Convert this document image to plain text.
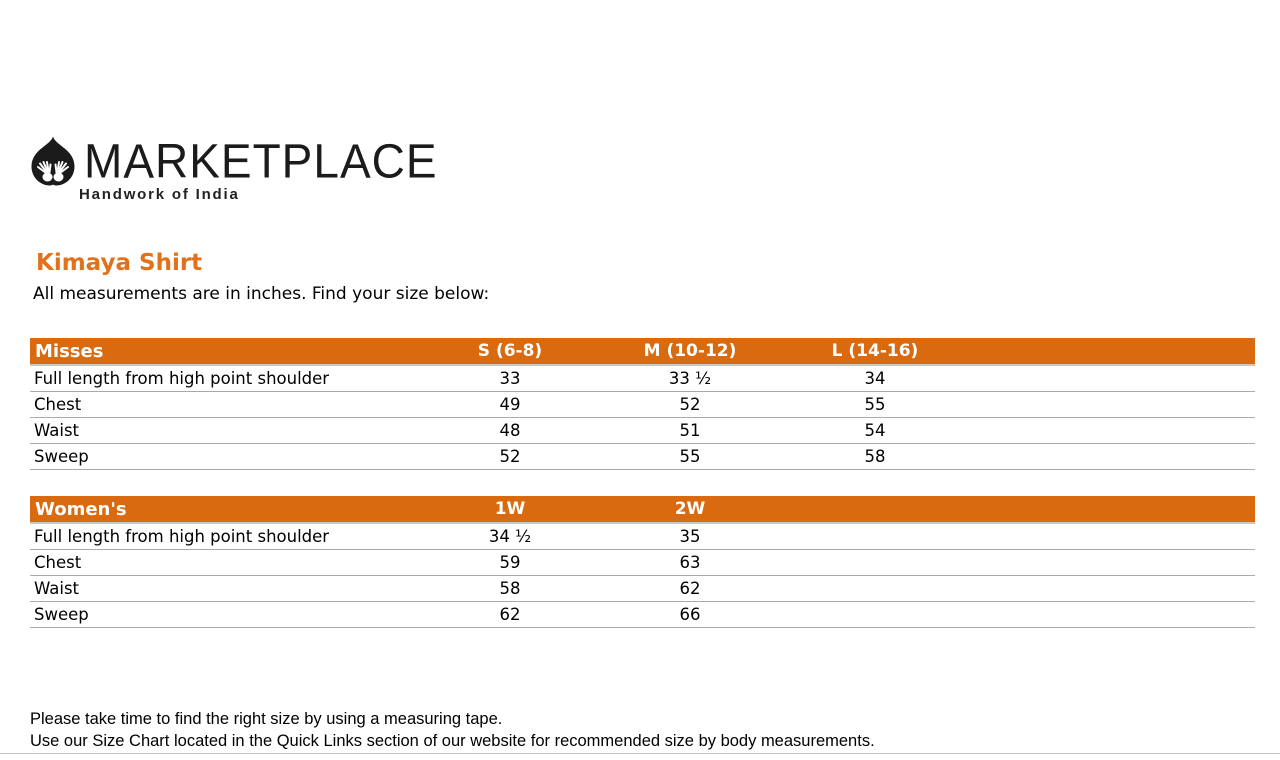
MARKETPLACE
Handwork of India
Kimaya Shirt
All measurements are in inches. Find your size below:
Misses	S (6-8)	M (10-12)	L (14-16)	
Full length from high point shoulder	33	33 ½	34	
Chest	49	52	55	
Waist	48	51	54	
Sweep	52	55	58	
Women's	1W	2W		
Full length from high point shoulder	34 ½	35		
Chest	59	63		
Waist	58	62		
Sweep	62	66		
Please take time to find the right size by using a measuring tape.
Use our Size Chart located in the Quick Links section of our website for recommended size by body measurements.
